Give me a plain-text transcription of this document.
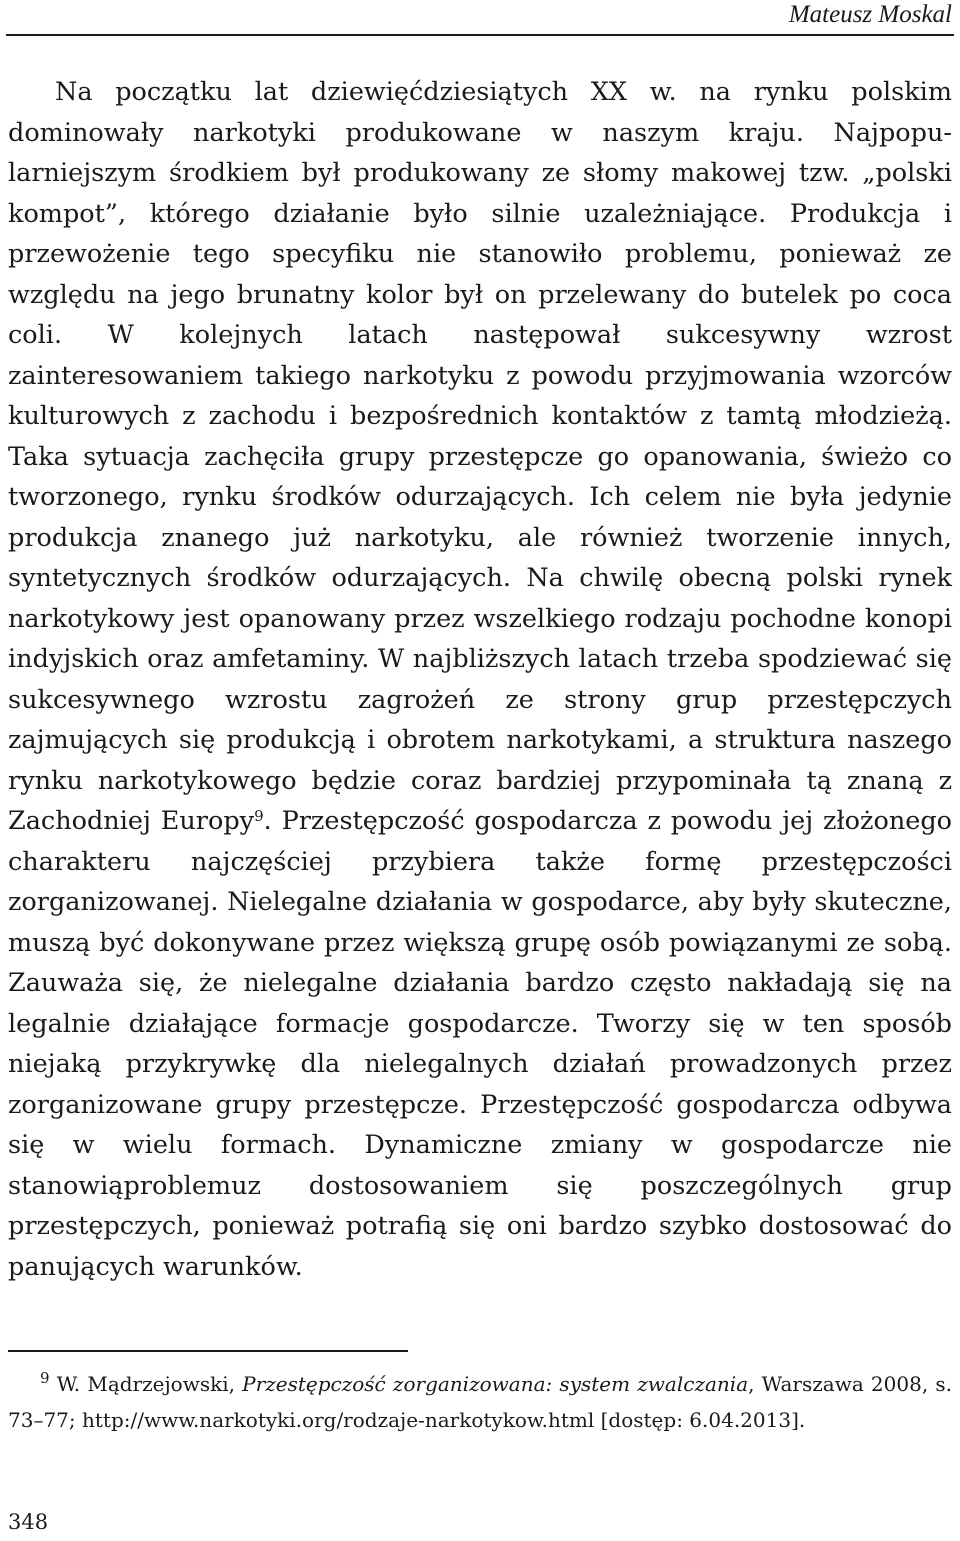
Mateusz Moskal

Na początku lat dziewięćdziesiątych XX w. na rynku polskim dominowały narkotyki produkowane w naszym kraju. Najpopularniejszym środkiem był produkowany ze słomy makowej tzw. „polski kompot”, którego działanie było silnie uzależniające. Produkcja i przewożenie tego specyfiku nie stanowiło problemu, ponieważ ze względu na jego brunatny kolor był on przelewany do butelek po coca coli. W kolejnych latach następował sukcesywny wzrost zainteresowaniem takiego narkotyku z powodu przyjmowania wzorców kulturowych z zachodu i bezpośrednich kontaktów z tamtą młodzieżą. Taka sytuacja zachęciła grupy przestępcze go opanowania, świeżo co tworzonego, rynku środków odurzających. Ich celem nie była jedynie produkcja znanego już narkotyku, ale również tworzenie innych, syntetycznych środków odurzających. Na chwilę obecną polski rynek narkotykowy jest opanowany przez wszelkiego rodzaju pochodne konopi indyjskich oraz amfetaminy. W najbliższych latach trzeba spodziewać się sukcesywnego wzrostu zagrożeń ze strony grup przestępczych zajmujących się produkcją i obrotem narkotykami, a struktura naszego rynku narkotykowego będzie coraz bardziej przypominała tą znaną z Zachodniej Europy$^9$. Przestępczość gospodarcza z powodu jej złożonego charakteru najczęściej przybiera także formę przestępczości zorganizowanej. Nielegalne działania w gospodarce, aby były skuteczne, muszą być dokonywane przez większą grupę osób powiązanymi ze sobą. Zauważa się, że nielegalne działania bardzo często nakładają się na legalnie działające formacje gospodarcze. Tworzy się w ten sposób niejaką przykrywkę dla nielegalnych działań prowadzonych przez zorganizowane grupy przestępcze. Przestępczość gospodarcza odbywa się w wielu formach. Dynamiczne zmiany w gospodarcze nie stanowiąproblemuz dostosowaniem się poszczególnych grup przestępczych, ponieważ potrafią się oni bardzo szybko dostosować do panujących warunków.

$^9$ W. Mądrzejowski, Przestępczość zorganizowana: system zwalczania, Warszawa 2008, s. 73–77; http://www.narkotyki.org/rodzaje-narkotykow.html [dostęp: 6.04.2013].

348
